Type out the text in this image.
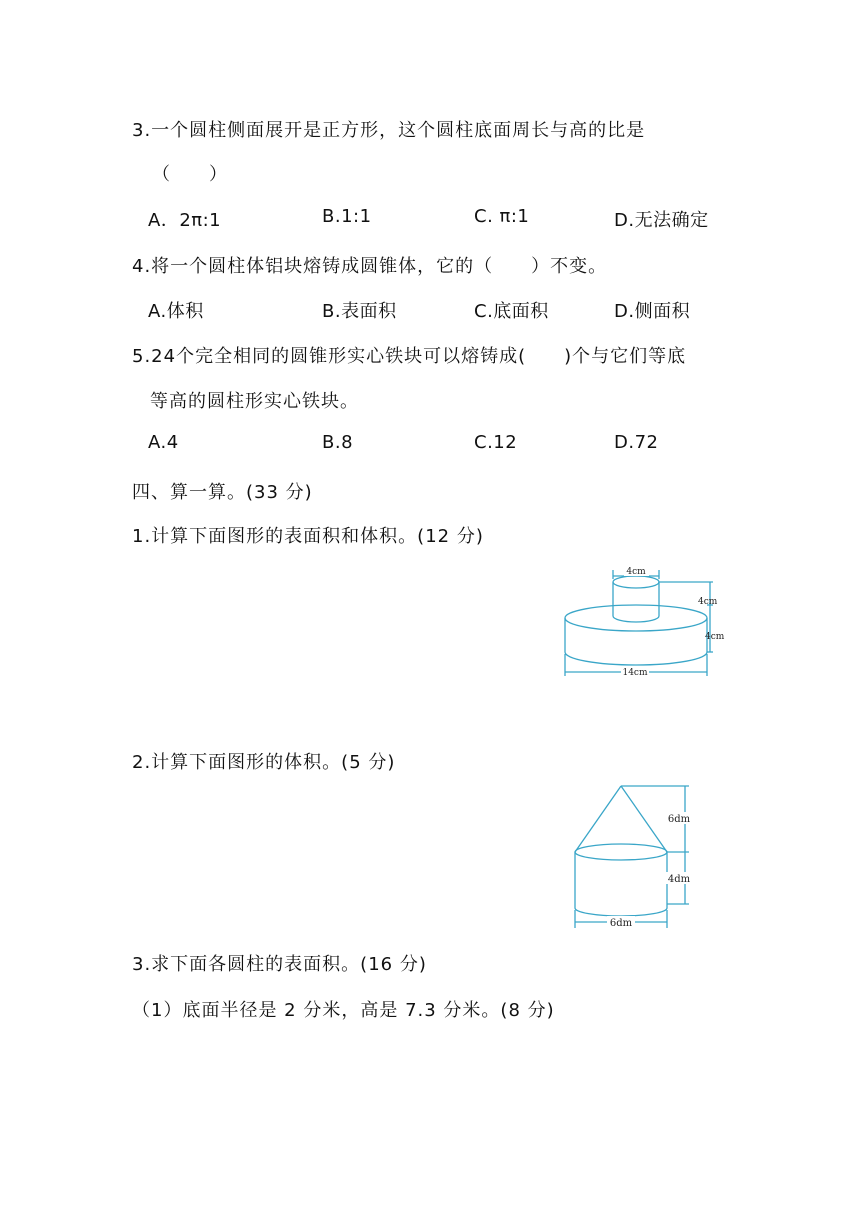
3.一个圆柱侧面展开是正方形，这个圆柱底面周长与高的比是
（　　）
A．2π:1	B.1:1	C. π:1	D.无法确定
4.将一个圆柱体铝块熔铸成圆锥体，它的（　　）不变。
A.体积	B.表面积	C.底面积	D.侧面积
5.24个完全相同的圆锥形实心铁块可以熔铸成(　　)个与它们等底
等高的圆柱形实心铁块。
A.4	B.8	C.12	D.72
四、算一算。(33 分)
1.计算下面图形的表面积和体积。(12 分)
4cm
4cm
4cm
14cm
2.计算下面图形的体积。(5 分)
6dm
4dm
6dm
3.求下面各圆柱的表面积。(16 分)
（1）底面半径是 2 分米，高是 7.3 分米。(8 分)
